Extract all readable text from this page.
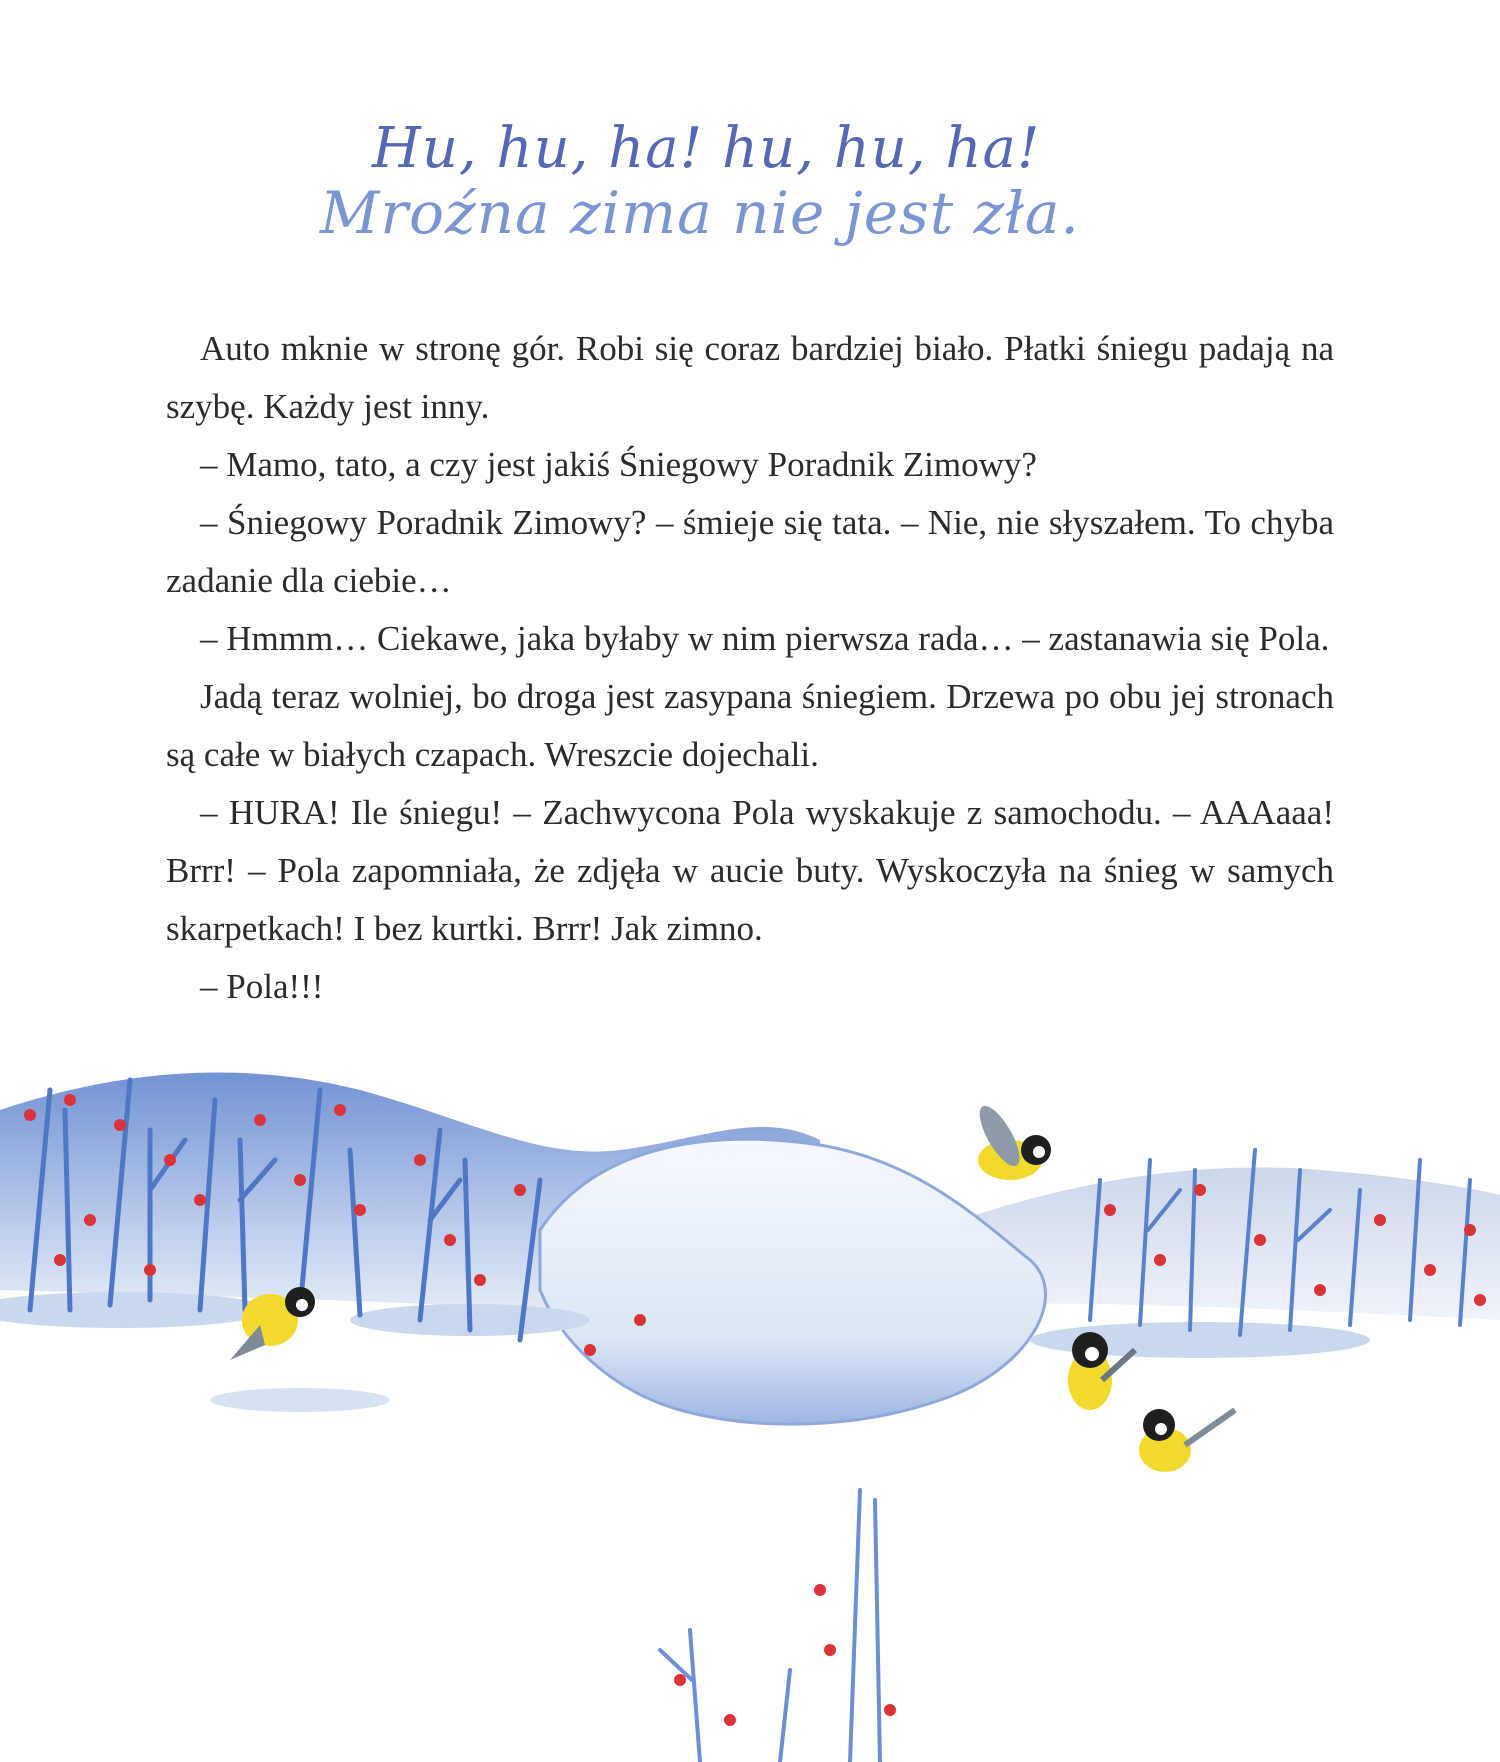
Hu, hu, ha! hu, hu, ha!
Mroźna zima nie jest zła.

Auto mknie w stronę gór. Robi się coraz bardziej biało. Płatki śniegu padają na szybę. Każdy jest inny.

– Mamo, tato, a czy jest jakiś Śniegowy Poradnik Zimowy?

– Śniegowy Poradnik Zimowy? – śmieje się tata. – Nie, nie słyszałem. To chyba zadanie dla ciebie…

– Hmmm… Ciekawe, jaka byłaby w nim pierwsza rada… – zastanawia się Pola.

Jadą teraz wolniej, bo droga jest zasypana śniegiem. Drzewa po obu jej stronach są całe w białych czapach. Wreszcie dojechali.

– HURA! Ile śniegu! – Zachwycona Pola wyskakuje z samochodu. – AAAaaa! Brrr! – Pola zapomniała, że zdjęła w aucie buty. Wyskoczyła na śnieg w samych skarpetkach! I bez kurtki. Brrr! Jak zimno.

– Pola!!!
